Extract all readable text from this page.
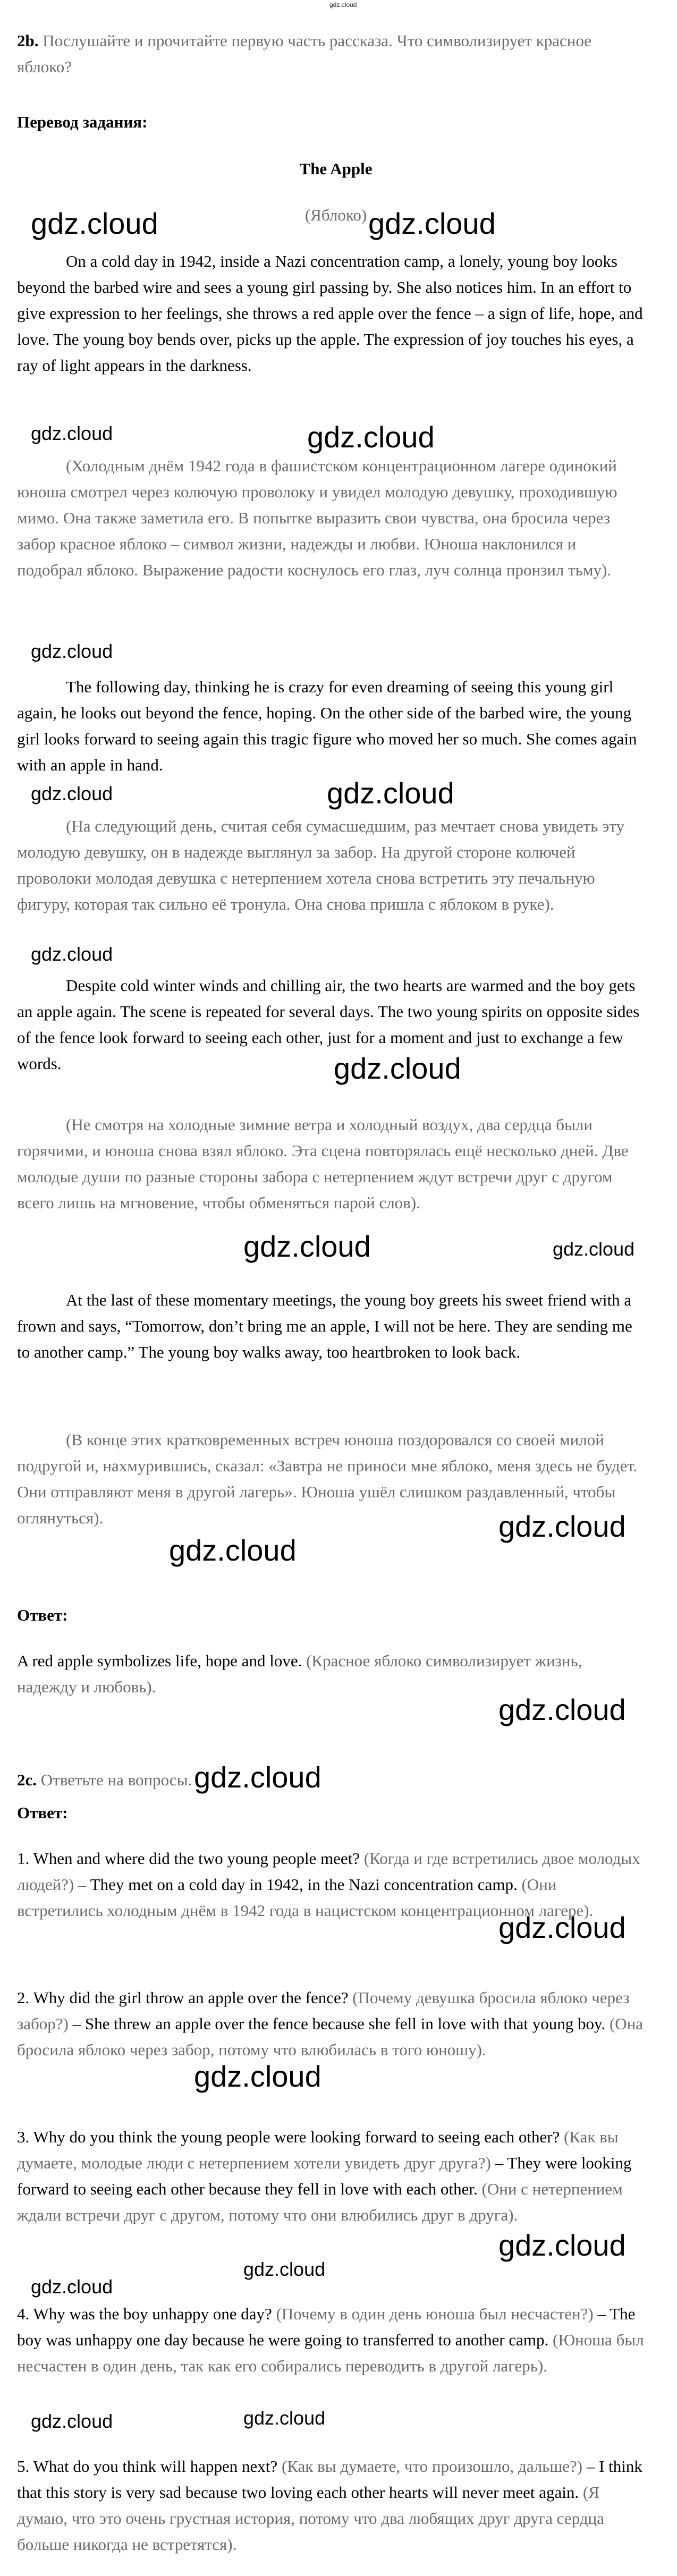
gdz.cloud

2b. Послушайте и прочитайте первую часть рассказа. Что символизирует красное яблоко?

Перевод задания:

The Apple

(Яблоко)

On a cold day in 1942, inside a Nazi concentration camp, a lonely, young boy looks beyond the barbed wire and sees a young girl passing by. She also notices him. In an effort to give expression to her feelings, she throws a red apple over the fence – a sign of life, hope, and love. The young boy bends over, picks up the apple. The expression of joy touches his eyes, a ray of light appears in the darkness.

(Холодным днём 1942 года в фашистском концентрационном лагере одинокий юноша смотрел через колючую проволоку и увидел молодую девушку, проходившую мимо. Она также заметила его. В попытке выразить свои чувства, она бросила через забор красное яблоко – символ жизни, надежды и любви. Юноша наклонился и подобрал яблоко. Выражение радости коснулось его глаз, луч солнца пронзил тьму).

The following day, thinking he is crazy for even dreaming of seeing this young girl again, he looks out beyond the fence, hoping. On the other side of the barbed wire, the young girl looks forward to seeing again this tragic figure who moved her so much. She comes again with an apple in hand.

(На следующий день, считая себя сумасшедшим, раз мечтает снова увидеть эту молодую девушку, он в надежде выглянул за забор. На другой стороне колючей проволоки молодая девушка с нетерпением хотела снова встретить эту печальную фигуру, которая так сильно её тронула. Она снова пришла с яблоком в руке).

Despite cold winter winds and chilling air, the two hearts are warmed and the boy gets an apple again. The scene is repeated for several days. The two young spirits on opposite sides of the fence look forward to seeing each other, just for a moment and just to exchange a few words.

(Не смотря на холодные зимние ветра и холодный воздух, два сердца были горячими, и юноша снова взял яблоко. Эта сцена повторялась ещё несколько дней. Две молодые души по разные стороны забора с нетерпением ждут встречи друг с другом всего лишь на мгновение, чтобы обменяться парой слов).

At the last of these momentary meetings, the young boy greets his sweet friend with a frown and says, “Tomorrow, don’t bring me an apple, I will not be here. They are sending me to another camp.” The young boy walks away, too heartbroken to look back.

(В конце этих кратковременных встреч юноша поздоровался со своей милой подругой и, нахмурившись, сказал: «Завтра не приноси мне яблоко, меня здесь не будет. Они отправляют меня в другой лагерь». Юноша ушёл слишком раздавленный, чтобы оглянуться).

Ответ:

A red apple symbolizes life, hope and love. (Красное яблоко символизирует жизнь, надежду и любовь).

2c. Ответьте на вопросы.

Ответ:

1. When and where did the two young people meet? (Когда и где встретились двое молодых людей?) – They met on a cold day in 1942, in the Nazi concentration camp. (Они встретились холодным днём в 1942 года в нацистском концентрационном лагере).

2. Why did the girl throw an apple over the fence? (Почему девушка бросила яблоко через забор?) – She threw an apple over the fence because she fell in love with that young boy. (Она бросила яблоко через забор, потому что влюбилась в того юношу).

3. Why do you think the young people were looking forward to seeing each other? (Как вы думаете, молодые люди с нетерпением хотели увидеть друг друга?) – They were looking forward to seeing each other because they fell in love with each other. (Они с нетерпением ждали встречи друг с другом, потому что они влюбились друг в друга).

4. Why was the boy unhappy one day? (Почему в один день юноша был несчастен?) – The boy was unhappy one day because he were going to transferred to another camp. (Юноша был несчастен в один день, так как его собирались переводить в другой лагерь).

5. What do you think will happen next? (Как вы думаете, что произошло, дальше?) – I think that this story is very sad because two loving each other hearts will never meet again. (Я думаю, что это очень грустная история, потому что два любящих друг друга сердца больше никогда не встретятся).

gdz.cloud	gdz.cloud
gdz.cloud	gdz.cloud
gdz.cloud
gdz.cloud	gdz.cloud
gdz.cloud
gdz.cloud
gdz.cloud	gdz.cloud
gdz.cloud
gdz.cloud
gdz.cloud
gdz.cloud
gdz.cloud
gdz.cloud
gdz.cloud
gdz.cloud
gdz.cloud
gdz.cloud	gdz.cloud
